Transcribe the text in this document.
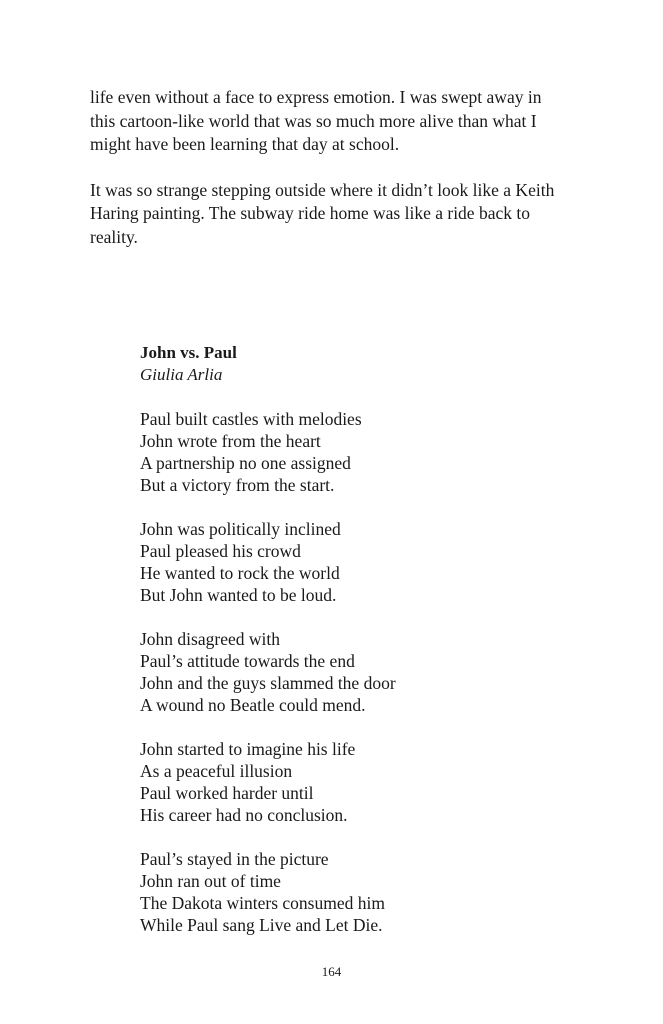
life even without a face to express emotion. I was swept away in
this cartoon-like world that was so much more alive than what I
might have been learning that day at school.

It was so strange stepping outside where it didn’t look like a Keith
Haring painting. The subway ride home was like a ride back to
reality.

John vs. Paul
Giulia Arlia
Paul built castles with melodies
John wrote from the heart
A partnership no one assigned
But a victory from the start.
John was politically inclined
Paul pleased his crowd
He wanted to rock the world
But John wanted to be loud.
John disagreed with
Paul’s attitude towards the end
John and the guys slammed the door
A wound no Beatle could mend.
John started to imagine his life
As a peaceful illusion
Paul worked harder until
His career had no conclusion.
Paul’s stayed in the picture
John ran out of time
The Dakota winters consumed him
While Paul sang Live and Let Die.
164
